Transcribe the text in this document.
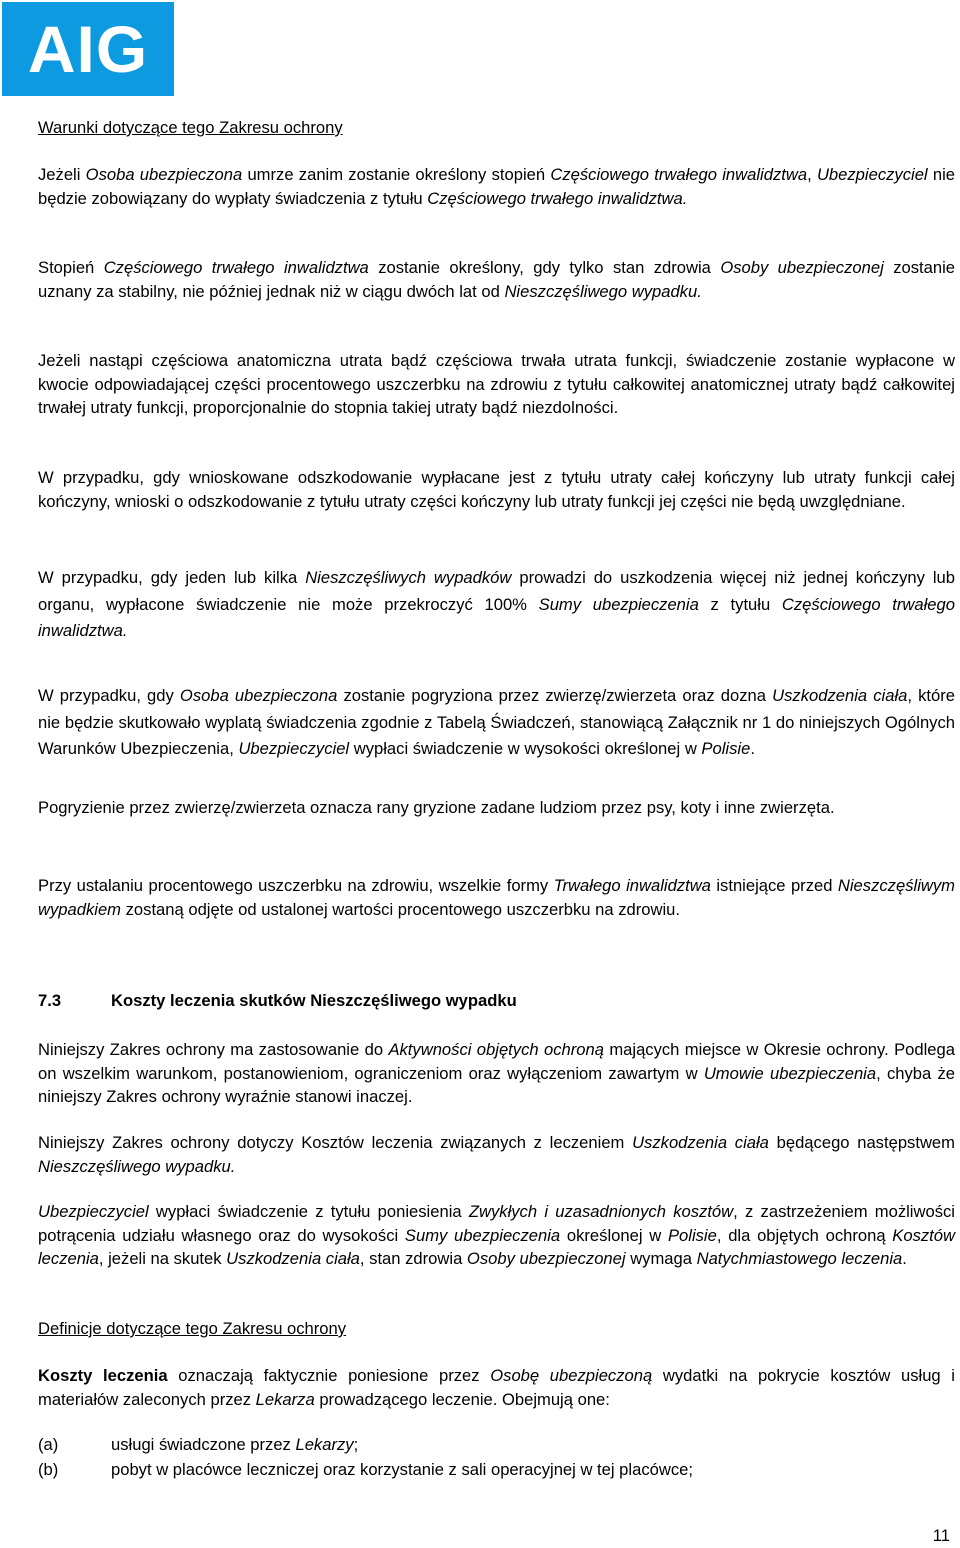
AIG

Warunki dotyczące tego Zakresu ochrony

Jeżeli Osoba ubezpieczona umrze zanim zostanie określony stopień Częściowego trwałego inwalidztwa, Ubezpieczyciel nie będzie zobowiązany do wypłaty świadczenia z tytułu Częściowego trwałego inwalidztwa.

Stopień Częściowego trwałego inwalidztwa zostanie określony, gdy tylko stan zdrowia Osoby ubezpieczonej zostanie uznany za stabilny, nie później jednak niż w ciągu dwóch lat od Nieszczęśliwego wypadku.

Jeżeli nastąpi częściowa anatomiczna utrata bądź częściowa trwała utrata funkcji, świadczenie zostanie wypłacone w kwocie odpowiadającej części procentowego uszczerbku na zdrowiu z tytułu całkowitej anatomicznej utraty bądź całkowitej trwałej utraty funkcji, proporcjonalnie do stopnia takiej utraty bądź niezdolności.

W przypadku, gdy wnioskowane odszkodowanie wypłacane jest z tytułu utraty całej kończyny lub utraty funkcji całej kończyny, wnioski o odszkodowanie z tytułu utraty części kończyny lub utraty funkcji jej części nie będą uwzględniane.

W przypadku, gdy jeden lub kilka Nieszczęśliwych wypadków prowadzi do uszkodzenia więcej niż jednej kończyny lub organu, wypłacone świadczenie nie może przekroczyć 100% Sumy ubezpieczenia z tytułu Częściowego trwałego inwalidztwa.

W przypadku, gdy Osoba ubezpieczona zostanie pogryziona przez zwierzę/zwierzeta oraz dozna Uszkodzenia ciała, które nie będzie skutkowało wyplatą świadczenia zgodnie z Tabelą Świadczeń, stanowiącą Załącznik nr 1 do niniejszych Ogólnych Warunków Ubezpieczenia, Ubezpieczyciel wypłaci świadczenie w wysokości określonej w Polisie.

Pogryzienie przez zwierzę/zwierzeta oznacza rany gryzione zadane ludziom przez psy, koty i inne zwierzęta.

Przy ustalaniu procentowego uszczerbku na zdrowiu, wszelkie formy Trwałego inwalidztwa istniejące przed Nieszczęśliwym wypadkiem zostaną odjęte od ustalonej wartości procentowego uszczerbku na zdrowiu.

7.3	Koszty leczenia skutków Nieszczęśliwego wypadku

Niniejszy Zakres ochrony ma zastosowanie do Aktywności objętych ochroną mających miejsce w Okresie ochrony. Podlega on wszelkim warunkom, postanowieniom, ograniczeniom oraz wyłączeniom zawartym w Umowie ubezpieczenia, chyba że niniejszy Zakres ochrony wyraźnie stanowi inaczej.

Niniejszy Zakres ochrony dotyczy Kosztów leczenia związanych z leczeniem Uszkodzenia ciała będącego następstwem Nieszczęśliwego wypadku.

Ubezpieczyciel wypłaci świadczenie z tytułu poniesienia Zwykłych i uzasadnionych kosztów, z zastrzeżeniem możliwości potrącenia udziału własnego oraz do wysokości Sumy ubezpieczenia określonej w Polisie, dla objętych ochroną Kosztów leczenia, jeżeli na skutek Uszkodzenia ciała, stan zdrowia Osoby ubezpieczonej wymaga Natychmiastowego leczenia.

Definicje dotyczące tego Zakresu ochrony

Koszty leczenia oznaczają faktycznie poniesione przez Osobę ubezpieczoną wydatki na pokrycie kosztów usług i materiałów zaleconych przez Lekarza prowadzącego leczenie. Obejmują one:

(a)	usługi świadczone przez Lekarzy;
(b)	pobyt w placówce leczniczej oraz korzystanie z sali operacyjnej w tej placówce;
11
